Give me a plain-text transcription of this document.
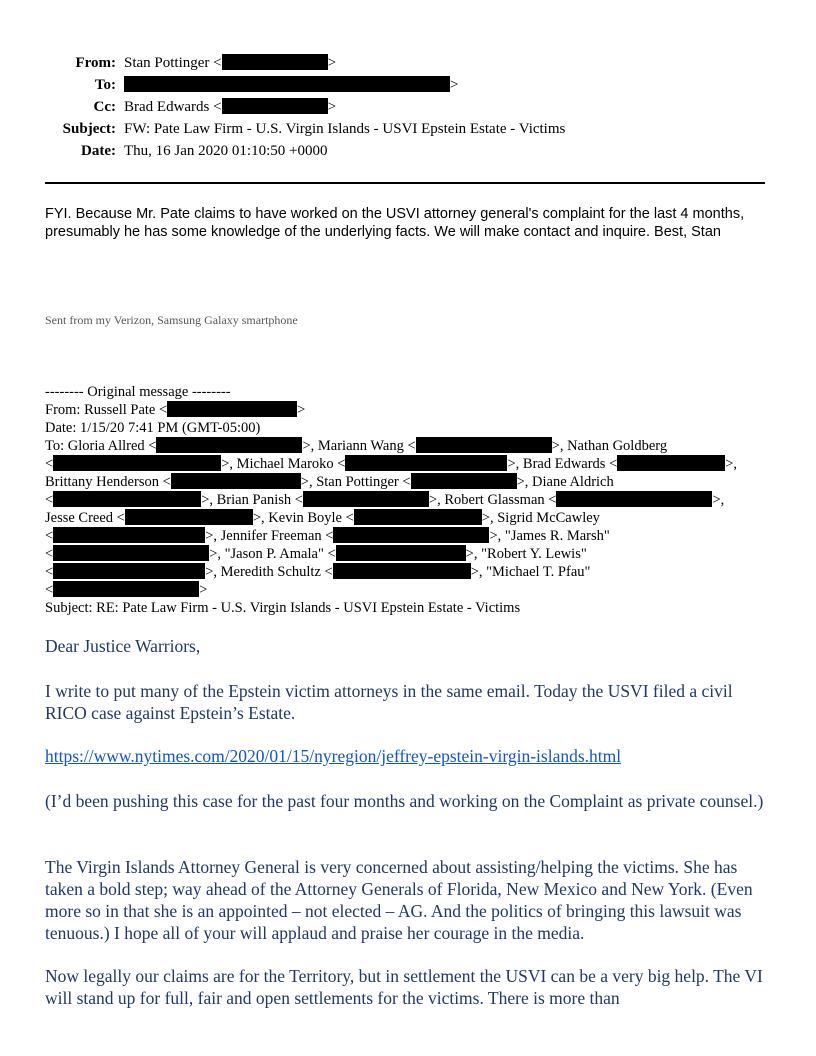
From: Stan Pottinger <	>
To:	>
Cc: Brad Edwards <	>
Subject: FW: Pate Law Firm - U.S. Virgin Islands - USVI Epstein Estate - Victims
Date: Thu, 16 Jan 2020 01:10:50 +0000
FYI. Because Mr. Pate claims to have worked on the USVI attorney general's complaint for the last 4 months, presumably he has some knowledge of the underlying facts. We will make contact and inquire. Best, Stan
Sent from my Verizon, Samsung Galaxy smartphone
-------- Original message --------
From: Russell Pate <	>
Date: 1/15/20 7:41 PM (GMT-05:00)
To: Gloria Allred <	>, Mariann Wang <	>, Nathan Goldberg
<	>, Michael Maroko <	>, Brad Edwards <	>,
Brittany Henderson <	>, Stan Pottinger <	>, Diane Aldrich
<	>, Brian Panish <	>, Robert Glassman <	>,
Jesse Creed <	>, Kevin Boyle <	>, Sigrid McCawley
<	>, Jennifer Freeman <	>, "James R. Marsh"
<	>, "Jason P. Amala" <	>, "Robert Y. Lewis"
<	>, Meredith Schultz <	>, "Michael T. Pfau"
<	>
Subject: RE: Pate Law Firm - U.S. Virgin Islands - USVI Epstein Estate - Victims
Dear Justice Warriors,
I write to put many of the Epstein victim attorneys in the same email. Today the USVI filed a civil RICO case against Epstein’s Estate.
https://www.nytimes.com/2020/01/15/nyregion/jeffrey-epstein-virgin-islands.html
(I’d been pushing this case for the past four months and working on the Complaint as private counsel.)
The Virgin Islands Attorney General is very concerned about assisting/helping the victims. She has taken a bold step; way ahead of the Attorney Generals of Florida, New Mexico and New York. (Even more so in that she is an appointed – not elected – AG. And the politics of bringing this lawsuit was tenuous.) I hope all of your will applaud and praise her courage in the media.
Now legally our claims are for the Territory, but in settlement the USVI can be a very big help. The VI will stand up for full, fair and open settlements for the victims. There is more than
